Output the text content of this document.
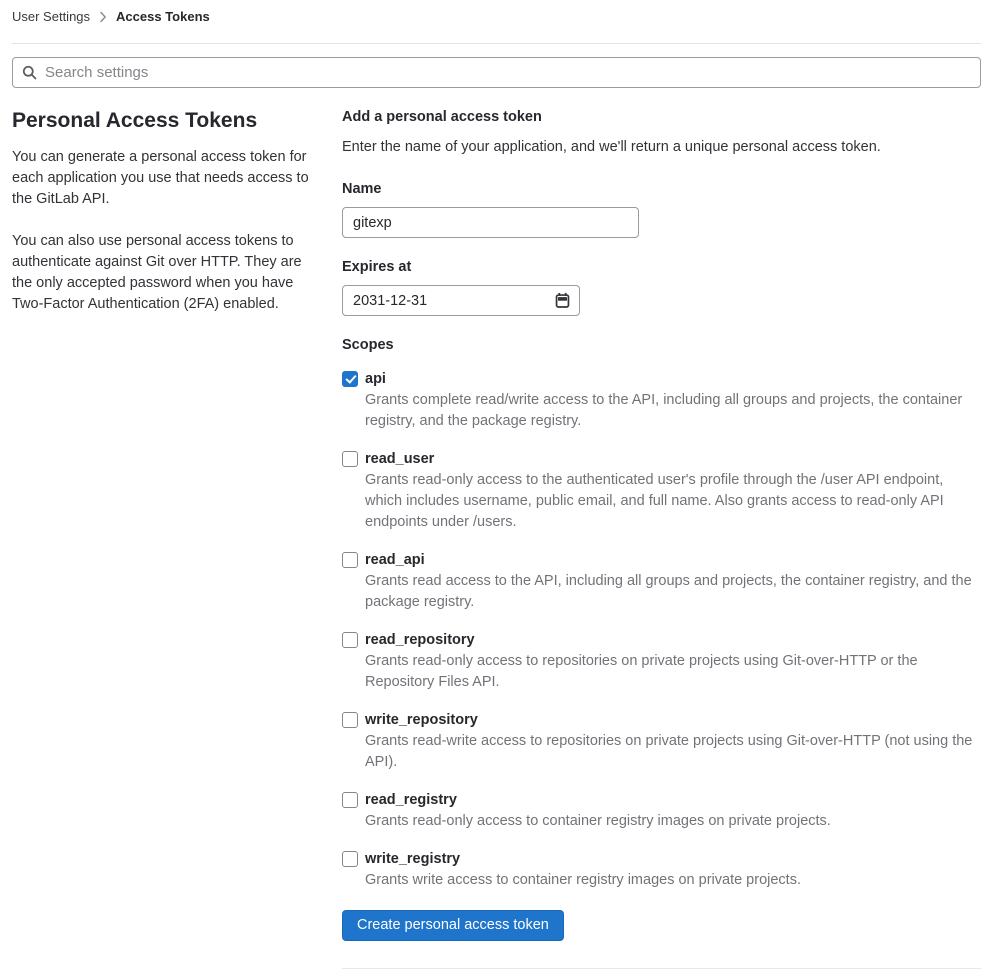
User Settings Access Tokens
Search settings
Personal Access Tokens

You can generate a personal access token for each application you use that needs access to the GitLab API.

You can also use personal access tokens to authenticate against Git over HTTP. They are the only accepted password when you have Two-Factor Authentication (2FA) enabled.

Add a personal access token

Enter the name of your application, and we'll return a unique personal access token.

Name
gitexp
Expires at
2031-12-31
Scopes
api
Grants complete read/write access to the API, including all groups and projects, the container registry, and the package registry.
read_user
Grants read-only access to the authenticated user's profile through the /user API endpoint, which includes username, public email, and full name. Also grants access to read-only API endpoints under /users.
read_api
Grants read access to the API, including all groups and projects, the container registry, and the package registry.
read_repository
Grants read-only access to repositories on private projects using Git-over-HTTP or the Repository Files API.
write_repository
Grants read-write access to repositories on private projects using Git-over-HTTP (not using the API).
read_registry
Grants read-only access to container registry images on private projects.
write_registry
Grants write access to container registry images on private projects.
Create personal access token
